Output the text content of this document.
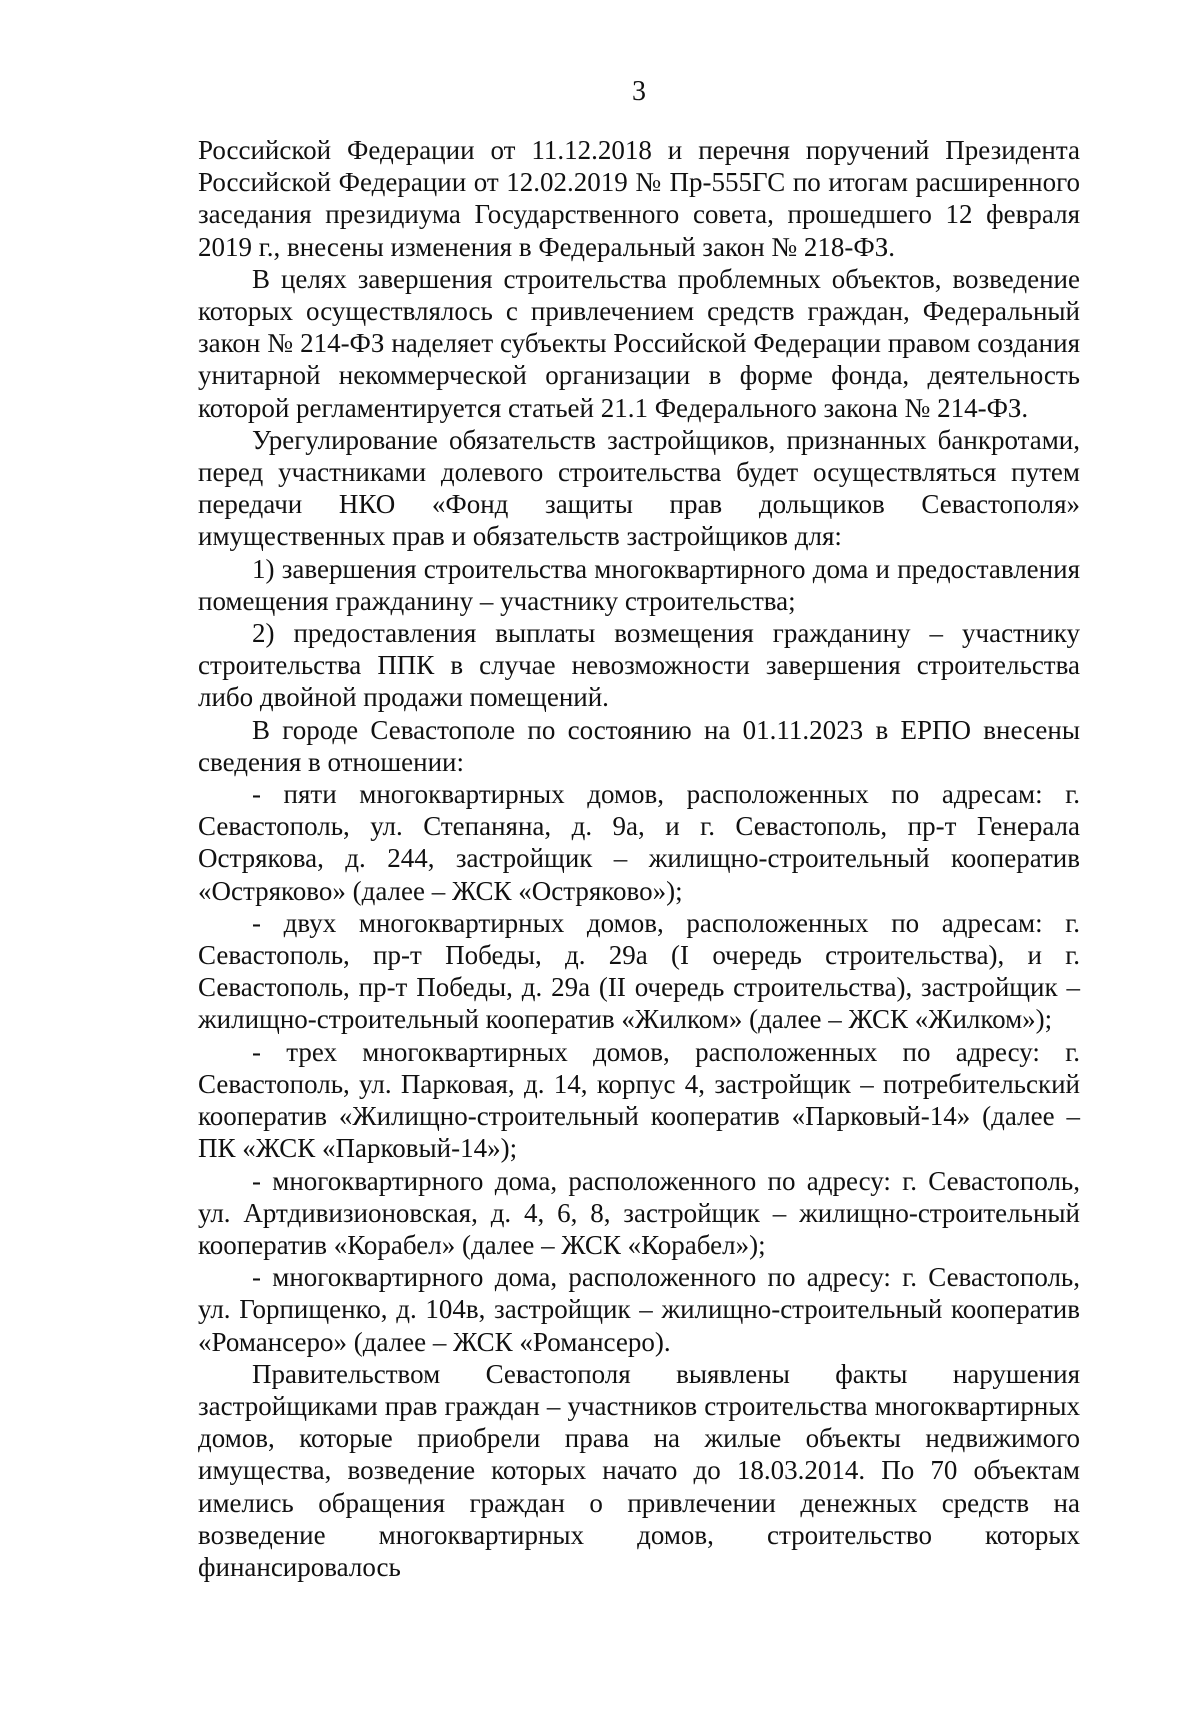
3

Российской Федерации от 11.12.2018 и перечня поручений Президента Российской Федерации от 12.02.2019 № Пр-555ГС по итогам расширенного заседания президиума Государственного совета, прошедшего 12 февраля 2019 г., внесены изменения в Федеральный закон № 218-ФЗ.

В целях завершения строительства проблемных объектов, возведение которых осуществлялось с привлечением средств граждан, Федеральный закон № 214-ФЗ наделяет субъекты Российской Федерации правом создания унитарной некоммерческой организации в форме фонда, деятельность которой регламентируется статьей 21.1 Федерального закона № 214-ФЗ.

Урегулирование обязательств застройщиков, признанных банкротами, перед участниками долевого строительства будет осуществляться путем передачи НКО «Фонд защиты прав дольщиков Севастополя» имущественных прав и обязательств застройщиков для:

1) завершения строительства многоквартирного дома и предоставления помещения гражданину – участнику строительства;

2) предоставления выплаты возмещения гражданину – участнику строительства ППК в случае невозможности завершения строительства либо двойной продажи помещений.

В городе Севастополе по состоянию на 01.11.2023 в ЕРПО внесены сведения в отношении:

- пяти многоквартирных домов, расположенных по адресам: г. Севастополь, ул. Степаняна, д. 9а, и г. Севастополь, пр-т Генерала Острякова, д. 244, застройщик – жилищно-строительный кооператив «Остряково» (далее – ЖСК «Остряково»);

- двух многоквартирных домов, расположенных по адресам: г. Севастополь, пр-т Победы, д. 29а (I очередь строительства), и г. Севастополь, пр-т Победы, д. 29а (II очередь строительства), застройщик – жилищно-строительный кооператив «Жилком» (далее – ЖСК «Жилком»);

- трех многоквартирных домов, расположенных по адресу: г. Севастополь, ул. Парковая, д. 14, корпус 4, застройщик – потребительский кооператив «Жилищно-строительный кооператив «Парковый-14» (далее – ПК «ЖСК «Парковый-14»);

- многоквартирного дома, расположенного по адресу: г. Севастополь, ул. Артдивизионовская, д. 4, 6, 8, застройщик – жилищно-строительный кооператив «Корабел» (далее – ЖСК «Корабел»);

- многоквартирного дома, расположенного по адресу: г. Севастополь, ул. Горпищенко, д. 104в, застройщик – жилищно-строительный кооператив «Романсеро» (далее – ЖСК «Романсеро).

Правительством Севастополя выявлены факты нарушения застройщиками прав граждан – участников строительства многоквартирных домов, которые приобрели права на жилые объекты недвижимого имущества, возведение которых начато до 18.03.2014. По 70 объектам имелись обращения граждан о привлечении денежных средств на возведение многоквартирных домов, строительство которых финансировалось
